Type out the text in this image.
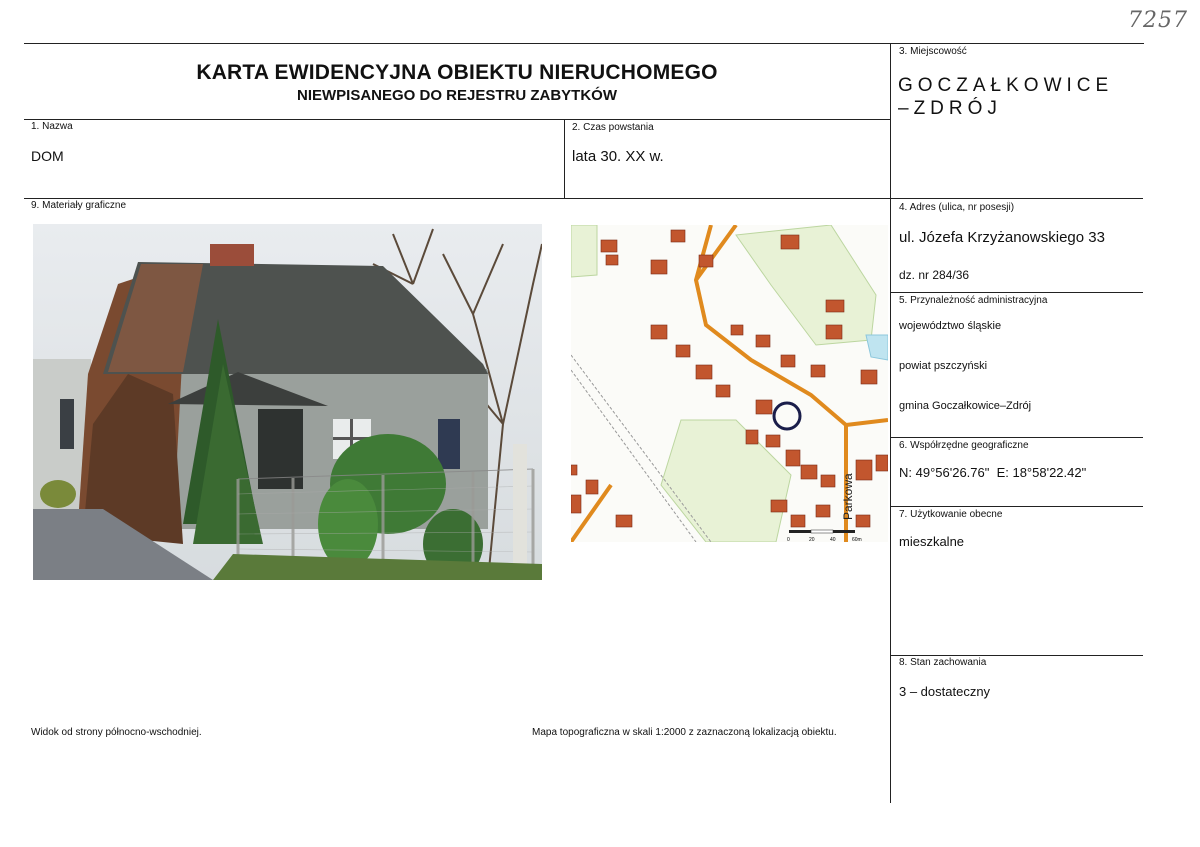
7257
KARTA EWIDENCYJNA OBIEKTU NIERUCHOMEGO
NIEWPISANEGO DO REJESTRU ZABYTKÓW
3. Miejscowość
GOCZAŁKOWICE
–ZDRÓJ
1. Nazwa
DOM
2. Czas powstania
lata 30. XX w.
9. Materiały graficzne	4. Adres (ulica, nr posesji)
ul. Józefa Krzyżanowskiego 33
dz. nr 284/36
5. Przynależność administracyjna
województwo śląskie
powiat pszczyński
gmina Goczałkowice–Zdrój
6. Współrzędne geograficzne
N: 49°56'26.76"  E: 18°58'22.42"
7. Użytkowanie obecne
mieszkalne
8. Stan zachowania
3 – dostateczny
Parkowa
0	20	40	60m
Widok od strony północno-wschodniej.	Mapa topograficzna w skali 1:2000 z zaznaczoną lokalizacją obiektu.
